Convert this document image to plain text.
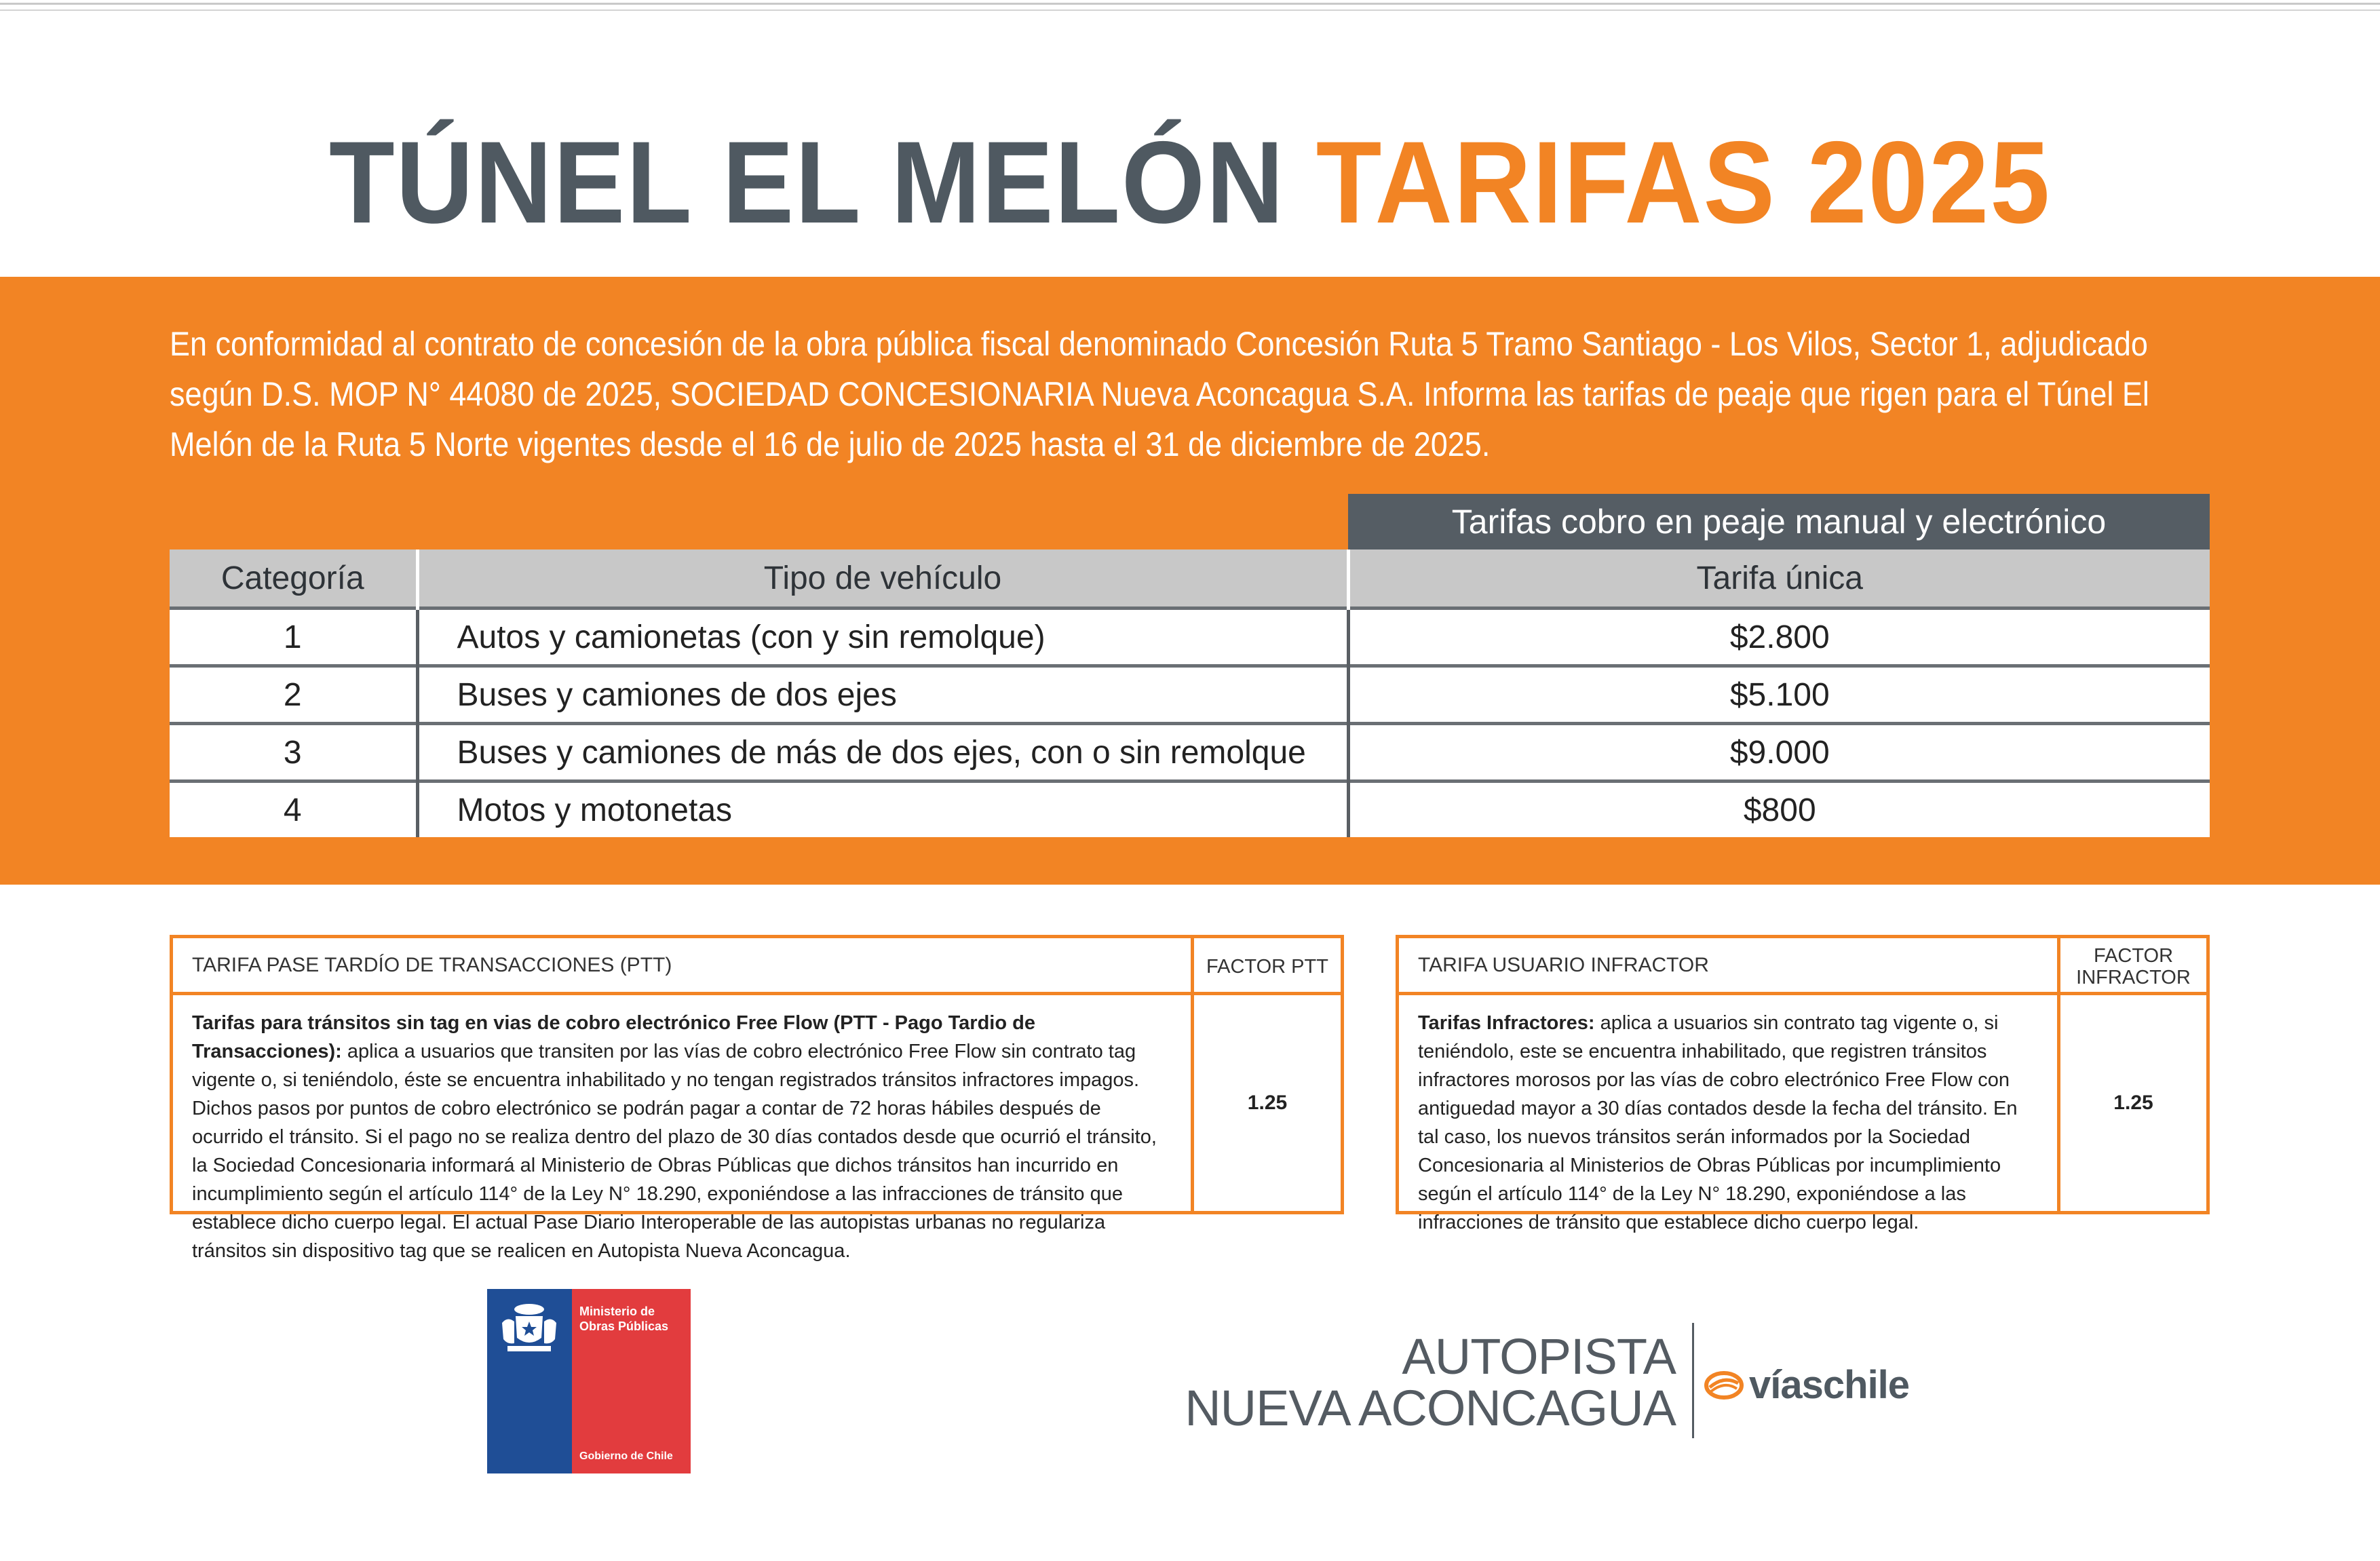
TÚNEL EL MELÓN TARIFAS 2025
En conformidad al contrato de concesión de la obra pública fiscal denominado Concesión Ruta 5 Tramo Santiago - Los Vilos, Sector 1, adjudicado según D.S. MOP N° 44080 de 2025, SOCIEDAD CONCESIONARIA Nueva Aconcagua S.A. Informa las tarifas de peaje que rigen para el Túnel El Melón de la Ruta 5 Norte vigentes desde el 16 de julio de 2025 hasta el 31 de diciembre de 2025.
Tarifas cobro en peaje manual y electrónico
Categoría	Tipo de vehículo	Tarifa única
1	Autos y camionetas (con y sin remolque)	$2.800
2	Buses y camiones de dos ejes	$5.100
3	Buses y camiones de más de dos ejes, con o sin remolque	$9.000
4	Motos y motonetas	$800
TARIFA PASE TARDÍO DE TRANSACCIONES (PTT)	FACTOR PTT
Tarifas para tránsitos sin tag en vias de cobro electrónico Free Flow (PTT - Pago Tardio de Transacciones): aplica a usuarios que transiten por las vías de cobro electrónico Free Flow sin contrato tag vigente o, si teniéndolo, éste se encuentra inhabilitado y no tengan registrados tránsitos infractores impagos. Dichos pasos por puntos de cobro electrónico se podrán pagar a contar de 72 horas hábiles después de ocurrido el tránsito. Si el pago no se realiza dentro del plazo de 30 días contados desde que ocurrió el tránsito, la Sociedad Concesionaria informará al Ministerio de Obras Públicas que dichos tránsitos han incurrido en incumplimiento según el artículo 114° de la Ley N° 18.290, exponiéndose a las infracciones de tránsito que establece dicho cuerpo legal. El actual Pase Diario Interoperable de las autopistas urbanas no regulariza tránsitos sin dispositivo tag que se realicen en Autopista Nueva Aconcagua.
1.25
TARIFA USUARIO INFRACTOR	FACTOR INFRACTOR
Tarifas Infractores: aplica a usuarios sin contrato tag vigente o, si teniéndolo, este se encuentra inhabilitado, que registren tránsitos infractores morosos por las vías de cobro electrónico Free Flow con antiguedad mayor a 30 días contados desde la fecha del tránsito. En tal caso, los nuevos tránsitos serán informados por la Sociedad Concesionaria al Ministerios de Obras Públicas por incumplimiento según el artículo 114° de la Ley N° 18.290, exponiéndose a las infracciones de tránsito que establece dicho cuerpo legal.
1.25
Ministerio de Obras Públicas
Gobierno de Chile
AUTOPISTA
NUEVA ACONCAGUA víaschile
